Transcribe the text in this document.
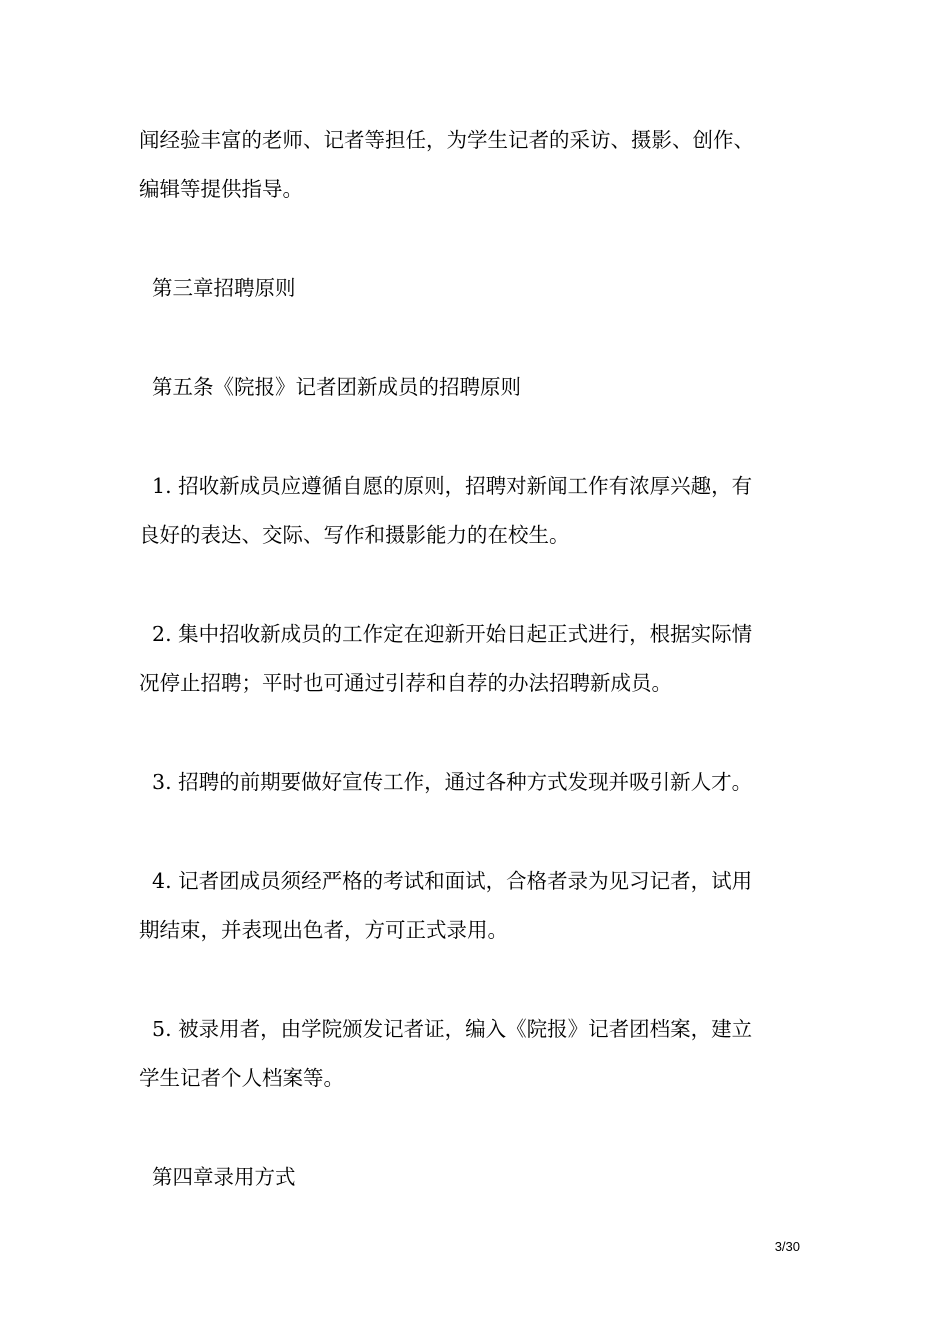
闻经验丰富的老师、记者等担任，为学生记者的采访、摄影、创作、
编辑等提供指导。
第三章招聘原则
第五条《院报》记者团新成员的招聘原则
1. 招收新成员应遵循自愿的原则，招聘对新闻工作有浓厚兴趣，有
良好的表达、交际、写作和摄影能力的在校生。
2. 集中招收新成员的工作定在迎新开始日起正式进行，根据实际情
况停止招聘；平时也可通过引荐和自荐的办法招聘新成员。
3. 招聘的前期要做好宣传工作，通过各种方式发现并吸引新人才。
4. 记者团成员须经严格的考试和面试，合格者录为见习记者，试用
期结束，并表现出色者，方可正式录用。
5. 被录用者，由学院颁发记者证，编入《院报》记者团档案，建立
学生记者个人档案等。
第四章录用方式
3/30
